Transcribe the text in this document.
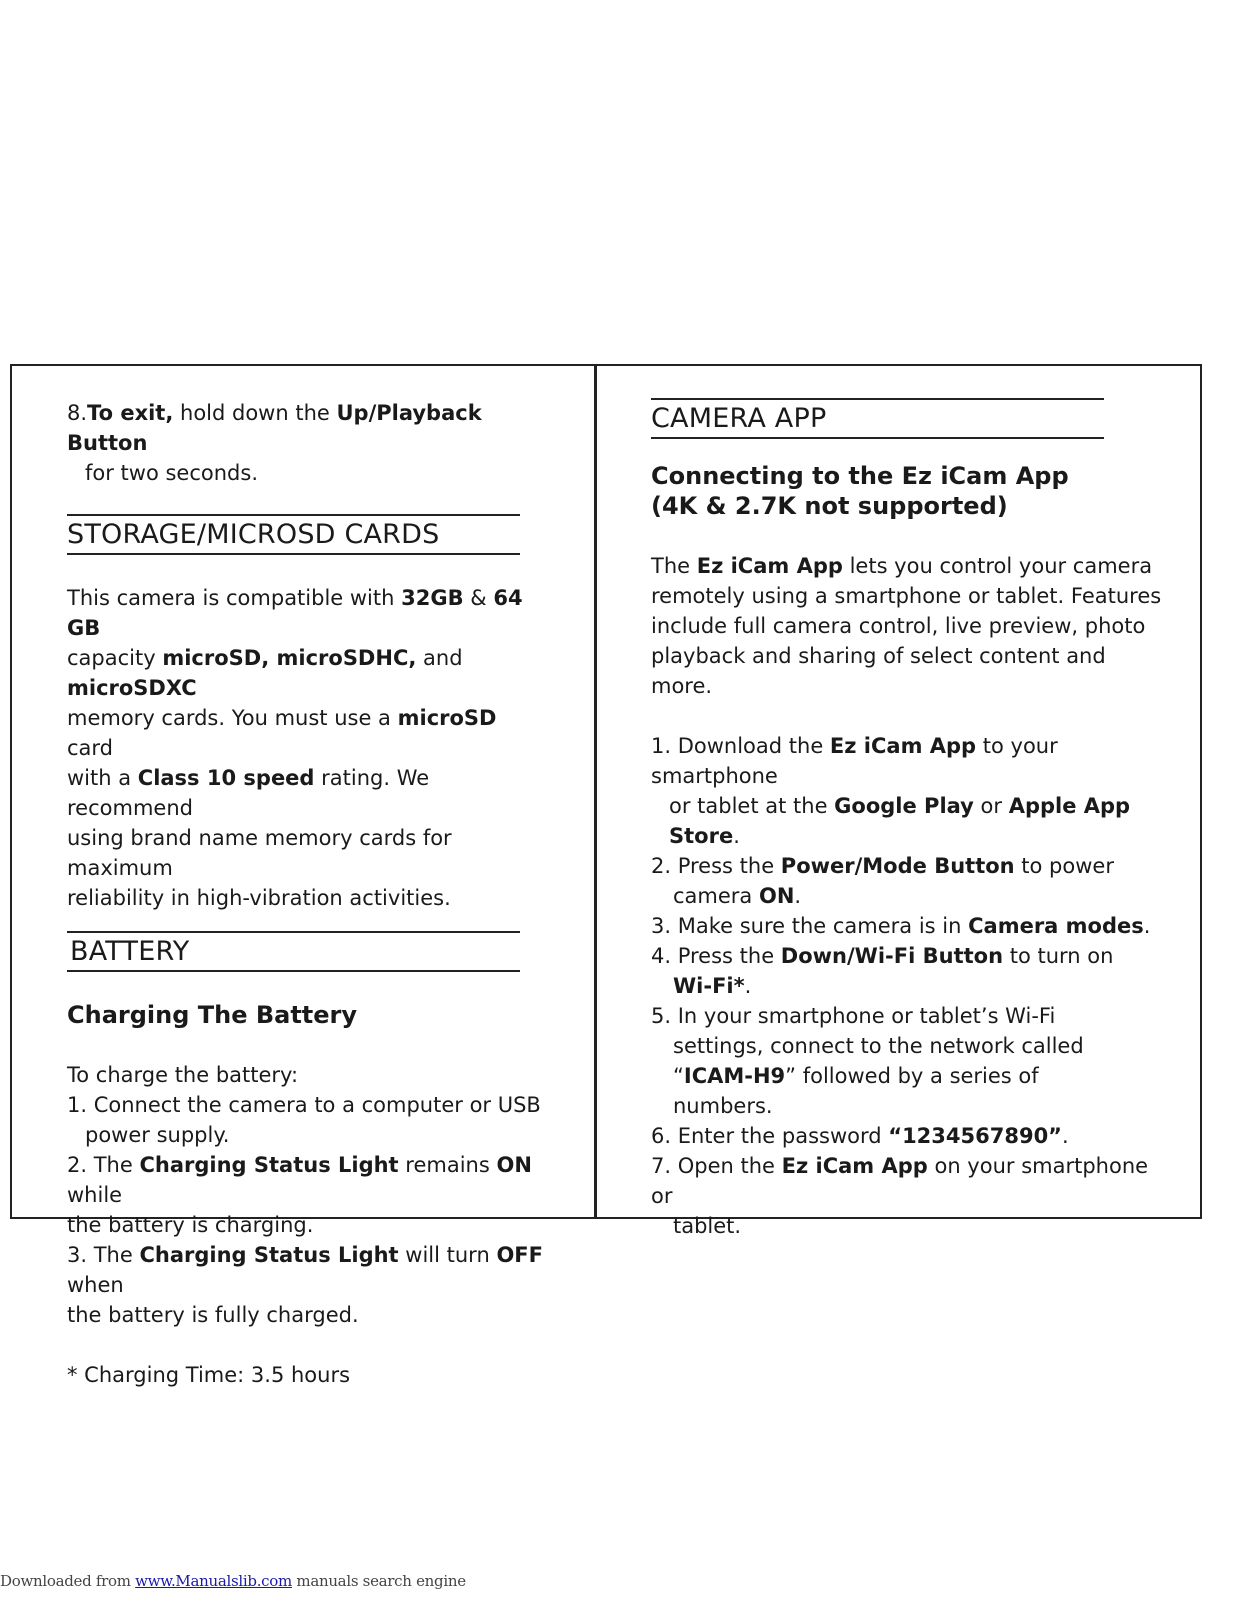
8.To exit, hold down the Up/Playback Button

for two seconds.

STORAGE/MICROSD CARDS

This camera is compatible with 32GB & 64 GB

capacity microSD, microSDHC, and microSDXC

memory cards. You must use a microSD card

with a Class 10 speed rating. We recommend

using brand name memory cards for maximum

reliability in high-vibration activities.

BATTERY

Charging The Battery

To charge the battery:

1. Connect the camera to a computer or USB

power supply.

2. The Charging Status Light remains ON while

the battery is charging.

3. The Charging Status Light will turn OFF when

the battery is fully charged.

* Charging Time: 3.5 hours

CAMERA APP

Connecting to the Ez iCam App

(4K & 2.7K not supported)

The Ez iCam App lets you control your camera

remotely using a smartphone or tablet. Features

include full camera control, live preview, photo

playback and sharing of select content and more.

1. Download the Ez iCam App to your smartphone

or tablet at the Google Play or Apple App Store.

2. Press the Power/Mode Button to power

camera ON.

3. Make sure the camera is in Camera modes.

4. Press the Down/Wi-Fi Button to turn on

Wi-Fi*.

5. In your smartphone or tablet’s Wi-Fi

settings, connect to the network called

“ICAM-H9” followed by a series of

numbers.

6. Enter the password “1234567890”.

7. Open the Ez iCam App on your smartphone or

tablet.

Downloaded from www.Manualslib.com manuals search engine
